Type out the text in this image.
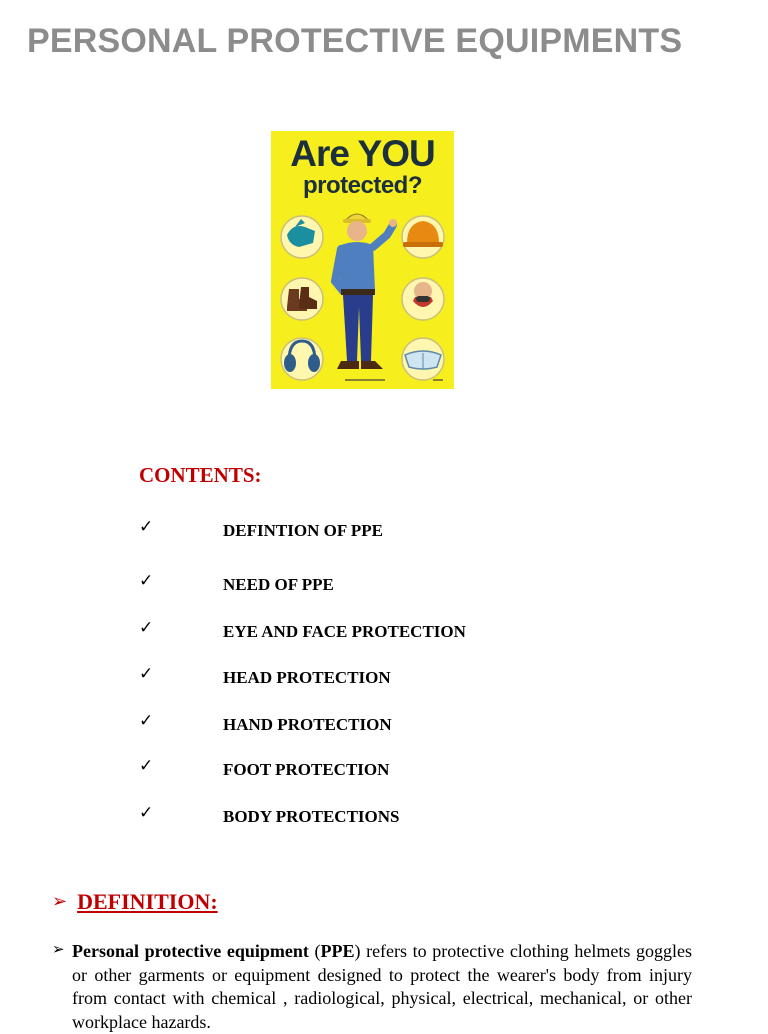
PERSONAL PROTECTIVE EQUIPMENTS
Are YOU
protected?
CONTENTS:
✓	DEFINTION OF PPE
✓	NEED OF PPE
✓	EYE AND FACE PROTECTION
✓	HEAD PROTECTION
✓	HAND PROTECTION
✓	FOOT PROTECTION
✓	BODY PROTECTIONS
➢ DEFINITION:
➢ Personal protective equipment (PPE) refers to protective clothing helmets goggles or other garments or equipment designed to protect the wearer's body from injury from contact with chemical , radiological, physical, electrical, mechanical, or other workplace hazards.
